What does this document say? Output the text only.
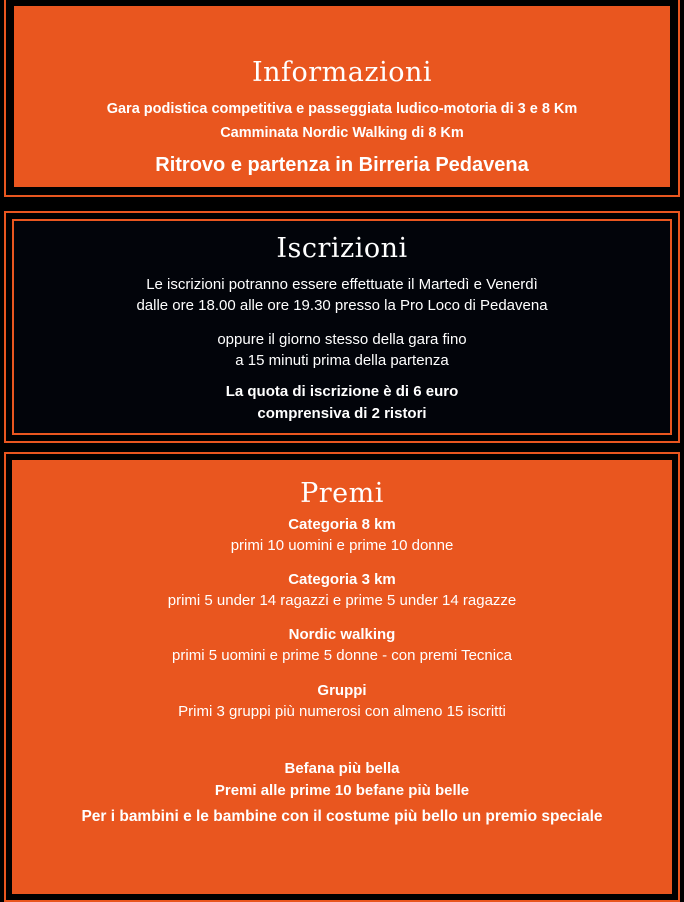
Informazioni

Gara podistica competitiva e passeggiata ludico-motoria di 3 e 8 Km

Camminata Nordic Walking di 8 Km

Ritrovo e partenza in Birreria Pedavena

Iscrizioni

Le iscrizioni potranno essere effettuate il Martedì e Venerdì

dalle ore 18.00 alle ore 19.30 presso la Pro Loco di Pedavena

oppure il giorno stesso della gara fino

a 15 minuti prima della partenza

La quota di iscrizione è di 6 euro

comprensiva di 2 ristori

Premi

Categoria 8 km

primi 10 uomini e prime 10 donne

Categoria 3 km

primi 5 under 14 ragazzi e prime 5 under 14 ragazze

Nordic walking

primi 5 uomini e prime 5 donne - con premi Tecnica

Gruppi

Primi 3 gruppi più numerosi con almeno 15 iscritti

Befana più bella

Premi alle prime 10 befane più belle

Per i bambini e le bambine con il costume più bello un premio speciale
